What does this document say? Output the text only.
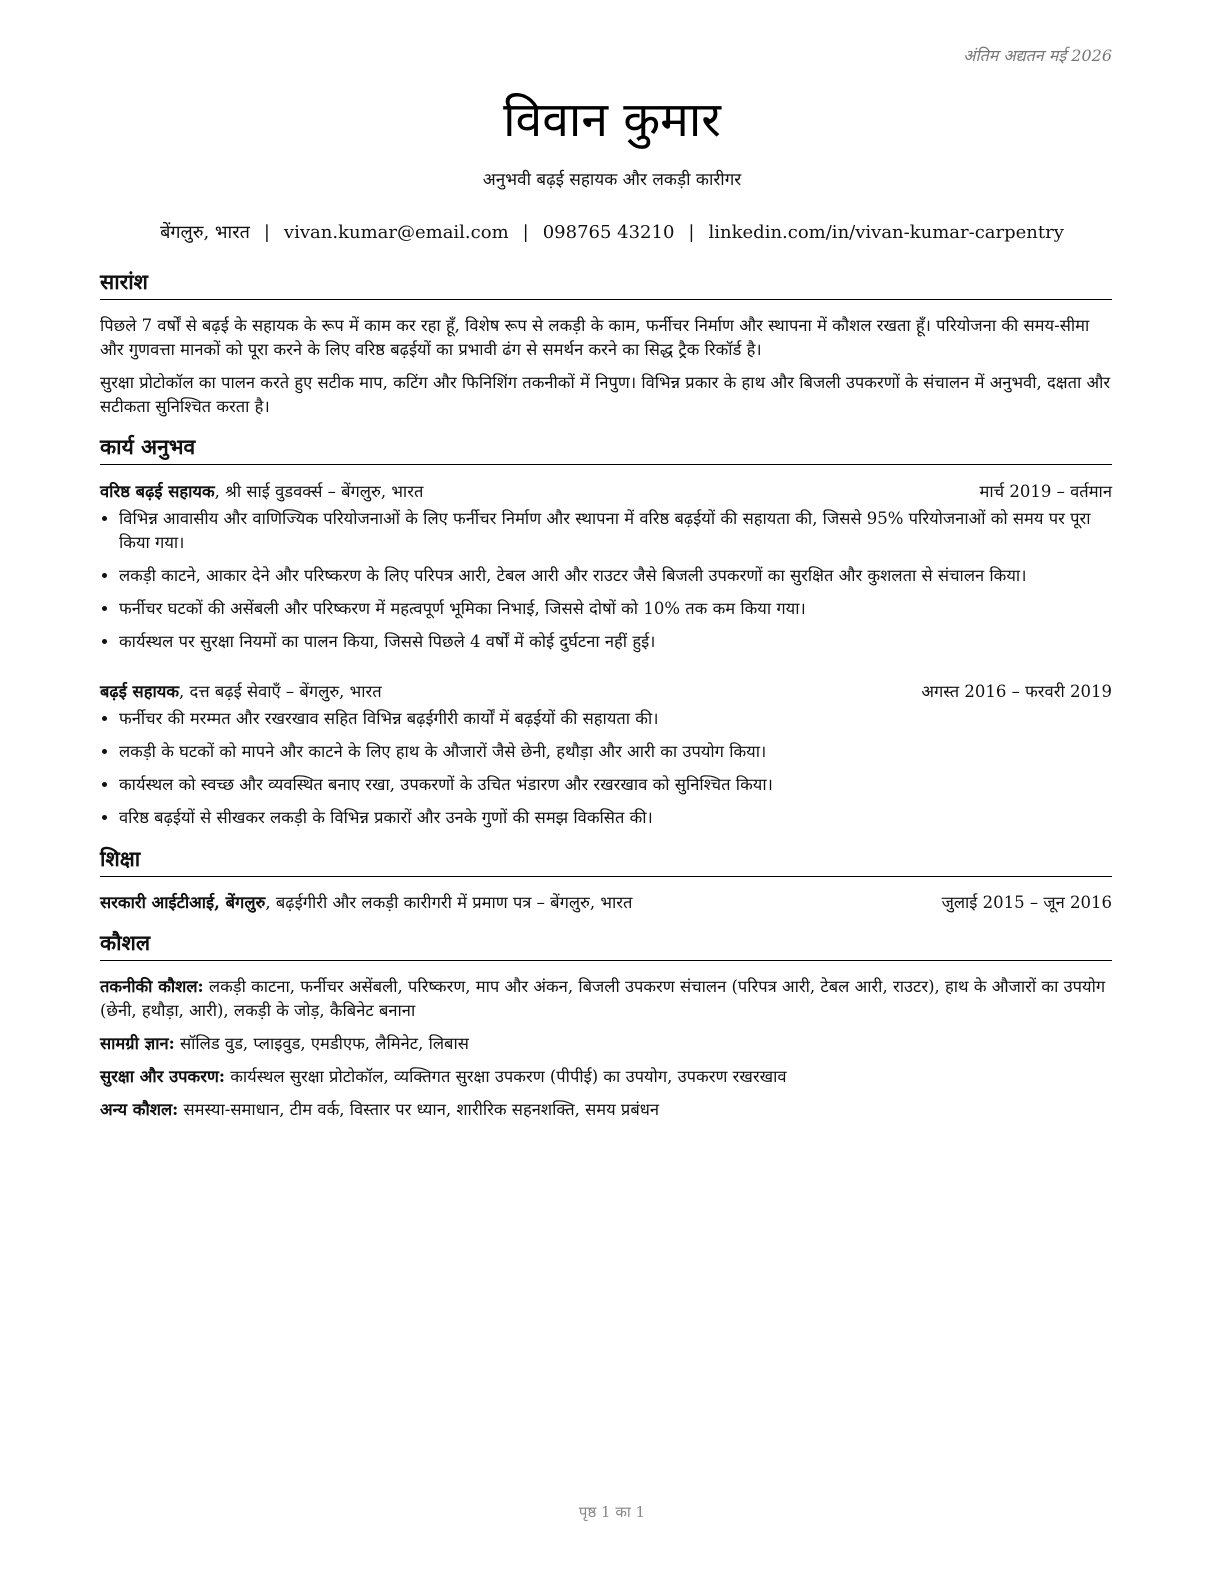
अंतिम अद्यतन मई 2026
विवान कुमार
अनुभवी बढ़ई सहायक और लकड़ी कारीगर
बेंगलुरु, भारत | vivan.kumar@email.com | 098765 43210 | linkedin.com/in/vivan-kumar-carpentry
सारांश

पिछले 7 वर्षों से बढ़ई के सहायक के रूप में काम कर रहा हूँ, विशेष रूप से लकड़ी के काम, फर्नीचर निर्माण और स्थापना में कौशल रखता हूँ। परियोजना की समय-सीमा और गुणवत्ता मानकों को पूरा करने के लिए वरिष्ठ बढ़ईयों का प्रभावी ढंग से समर्थन करने का सिद्ध ट्रैक रिकॉर्ड है।

सुरक्षा प्रोटोकॉल का पालन करते हुए सटीक माप, कटिंग और फिनिशिंग तकनीकों में निपुण। विभिन्न प्रकार के हाथ और बिजली उपकरणों के संचालन में अनुभवी, दक्षता और सटीकता सुनिश्चित करता है।

कार्य अनुभव
वरिष्ठ बढ़ई सहायक, श्री साई वुडवर्क्स – बेंगलुरु, भारत	मार्च 2019 – वर्तमान
• विभिन्न आवासीय और वाणिज्यिक परियोजनाओं के लिए फर्नीचर निर्माण और स्थापना में वरिष्ठ बढ़ईयों की सहायता की, जिससे 95% परियोजनाओं को समय पर पूरा किया गया।
• लकड़ी काटने, आकार देने और परिष्करण के लिए परिपत्र आरी, टेबल आरी और राउटर जैसे बिजली उपकरणों का सुरक्षित और कुशलता से संचालन किया।
• फर्नीचर घटकों की असेंबली और परिष्करण में महत्वपूर्ण भूमिका निभाई, जिससे दोषों को 10% तक कम किया गया।
• कार्यस्थल पर सुरक्षा नियमों का पालन किया, जिससे पिछले 4 वर्षों में कोई दुर्घटना नहीं हुई।
बढ़ई सहायक, दत्त बढ़ई सेवाएँ – बेंगलुरु, भारत	अगस्त 2016 – फरवरी 2019
• फर्नीचर की मरम्मत और रखरखाव सहित विभिन्न बढ़ईगीरी कार्यों में बढ़ईयों की सहायता की।
• लकड़ी के घटकों को मापने और काटने के लिए हाथ के औजारों जैसे छेनी, हथौड़ा और आरी का उपयोग किया।
• कार्यस्थल को स्वच्छ और व्यवस्थित बनाए रखा, उपकरणों के उचित भंडारण और रखरखाव को सुनिश्चित किया।
• वरिष्ठ बढ़ईयों से सीखकर लकड़ी के विभिन्न प्रकारों और उनके गुणों की समझ विकसित की।
शिक्षा
सरकारी आईटीआई, बेंगलुरु, बढ़ईगीरी और लकड़ी कारीगरी में प्रमाण पत्र – बेंगलुरु, भारत	जुलाई 2015 – जून 2016
कौशल

तकनीकी कौशल: लकड़ी काटना, फर्नीचर असेंबली, परिष्करण, माप और अंकन, बिजली उपकरण संचालन (परिपत्र आरी, टेबल आरी, राउटर), हाथ के औजारों का उपयोग (छेनी, हथौड़ा, आरी), लकड़ी के जोड़, कैबिनेट बनाना

सामग्री ज्ञान: सॉलिड वुड, प्लाइवुड, एमडीएफ, लैमिनेट, लिबास

सुरक्षा और उपकरण: कार्यस्थल सुरक्षा प्रोटोकॉल, व्यक्तिगत सुरक्षा उपकरण (पीपीई) का उपयोग, उपकरण रखरखाव

अन्य कौशल: समस्या-समाधान, टीम वर्क, विस्तार पर ध्यान, शारीरिक सहनशक्ति, समय प्रबंधन

पृष्ठ 1 का 1
